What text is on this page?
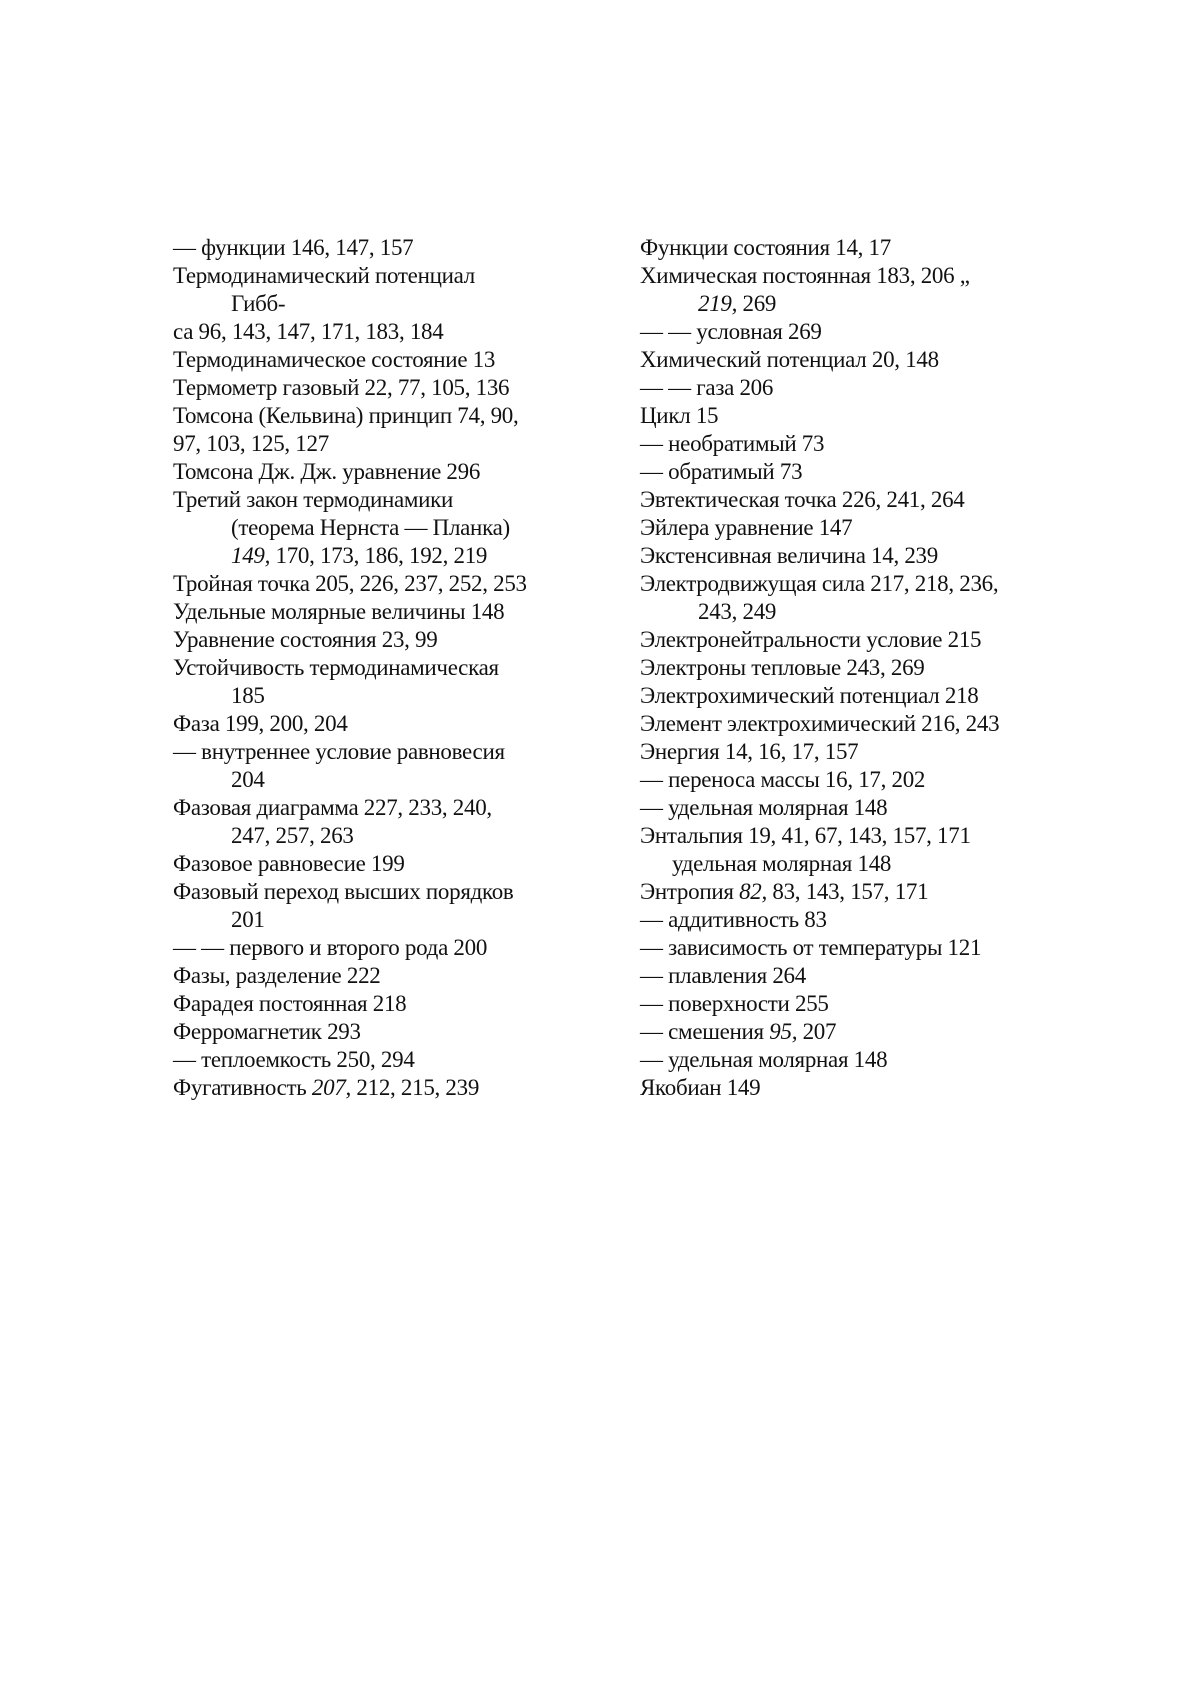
— функции 146, 147, 157
Термодинамический потенциал
Гибб-
са 96, 143, 147, 171, 183, 184
Термодинамическое состояние 13
Термометр газовый 22, 77, 105, 136
Томсона (Кельвина) принцип 74, 90,
97, 103, 125, 127
Томсона Дж. Дж. уравнение 296
Третий закон термодинамики
(теорема Нернста — Планка)
149, 170, 173, 186, 192, 219
Тройная точка 205, 226, 237, 252, 253
Удельные молярные величины 148
Уравнение состояния 23, 99
Устойчивость термодинамическая
185
Фаза 199, 200, 204
— внутреннее условие равновесия
204
Фазовая диаграмма 227, 233, 240,
247, 257, 263
Фазовое равновесие 199
Фазовый переход высших порядков
201
— — первого и второго рода 200
Фазы, разделение 222
Фарадея постоянная 218
Ферромагнетик 293
— теплоемкость 250, 294
Фугативность 207, 212, 215, 239
Функции состояния 14, 17
Химическая постоянная 183, 206 „
219, 269
— — условная 269
Химический потенциал 20, 148
— — газа 206
Цикл 15
— необратимый 73
— обратимый 73
Эвтектическая точка 226, 241, 264
Эйлера уравнение 147
Экстенсивная величина 14, 239
Электродвижущая сила 217, 218, 236,
243, 249
Электронейтральности условие 215
Электроны тепловые 243, 269
Электрохимический потенциал 218
Элемент электрохимический 216, 243
Энергия 14, 16, 17, 157
— переноса массы 16, 17, 202
— удельная молярная 148
Энтальпия 19, 41, 67, 143, 157, 171
удельная молярная 148
Энтропия 82, 83, 143, 157, 171
— аддитивность 83
— зависимость от температуры 121
— плавления 264
— поверхности 255
— смешения 95, 207
— удельная молярная 148
Якобиан 149
